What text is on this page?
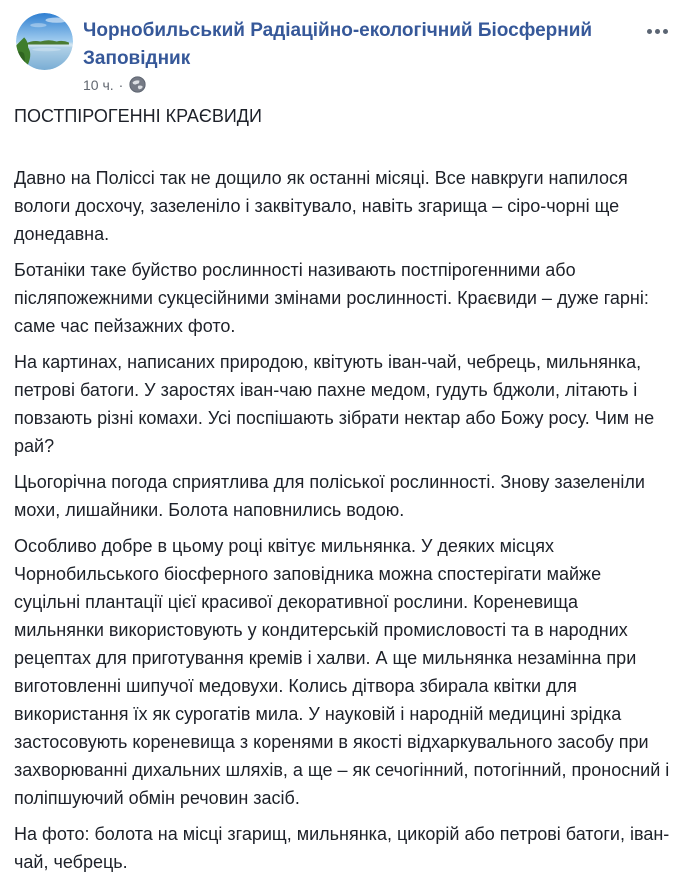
Чорнобильський Радіаційно-екологічний Біосферний Заповідник
10 ч. ·

ПОСТПІРОГЕННІ КРАЄВИДИ

Давно на Поліссі так не дощило як останні місяці. Все навкруги напилося вологи досхочу, зазеленіло і заквітувало, навіть згарища – сіро-чорні ще донедавна.

Ботаніки таке буйство рослинності називають постпірогенними або післяпожежними сукцесійними змінами рослинності. Краєвиди – дуже гарні: саме час пейзажних фото.

На картинах, написаних природою, квітують іван-чай, чебрець, мильнянка, петрові батоги. У заростях іван-чаю пахне медом, гудуть бджоли, літають і повзають різні комахи. Усі поспішають зібрати нектар або Божу росу. Чим не рай?

Цьогорічна погода сприятлива для поліської рослинності. Знову зазеленіли мохи, лишайники. Болота наповнились водою.

Особливо добре в цьому році квітує мильнянка. У деяких місцях Чорнобильського біосферного заповідника можна спостерігати майже суцільні плантації цієї красивої декоративної рослини. Кореневища мильнянки використовують у кондитерській промисловості та в народних рецептах для приготування кремів і халви. А ще мильнянка незамінна при виготовленні шипучої медовухи. Колись дітвора збирала квітки для використання їх як сурогатів мила. У науковій і народній медицині зрідка застосовують кореневища з коренями в якості відхаркувального засобу при захворюванні дихальних шляхів, а ще – як сечогінний, потогінний, проносний і поліпшуючий обмін речовин засіб.

На фото: болота на місці згарищ, мильнянка, цикорій або петрові батоги, іван-чай, чебрець.
